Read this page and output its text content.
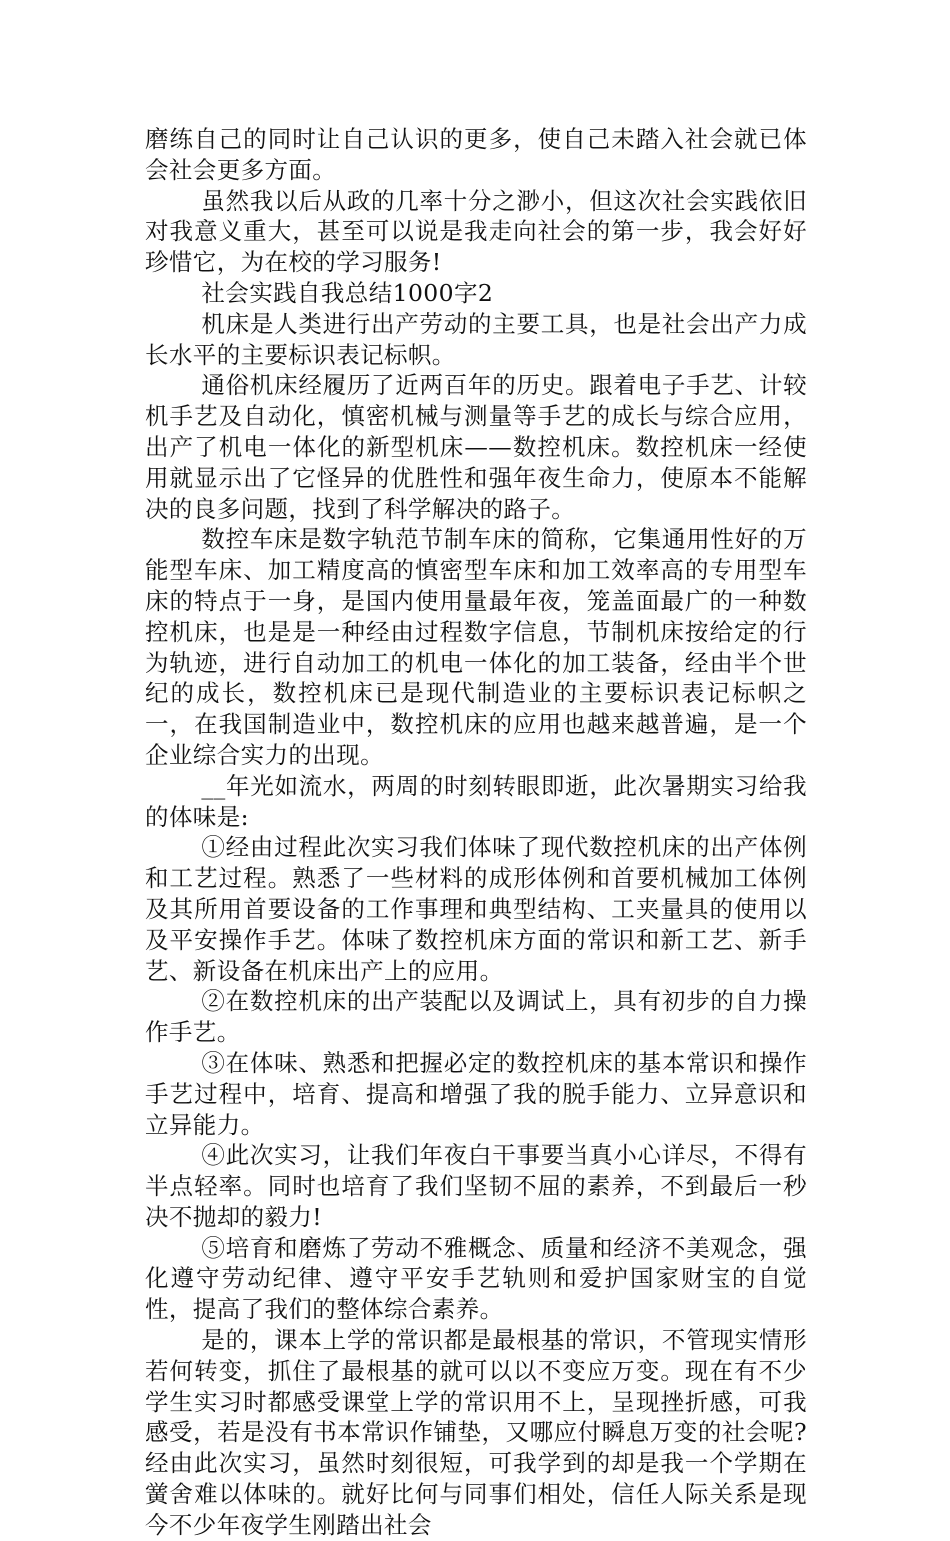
磨练自己的同时让自己认识的更多，使自己未踏入社会就已体会社会更多方面。

虽然我以后从政的几率十分之渺小，但这次社会实践依旧对我意义重大，甚至可以说是我走向社会的第一步，我会好好珍惜它，为在校的学习服务!

社会实践自我总结1000字2

机床是人类进行出产劳动的主要工具，也是社会出产力成长水平的主要标识表记标帜。

通俗机床经履历了近两百年的历史。跟着电子手艺、计较机手艺及自动化，慎密机械与测量等手艺的成长与综合应用，出产了机电一体化的新型机床——数控机床。数控机床一经使用就显示出了它怪异的优胜性和强年夜生命力，使原本不能解决的良多问题，找到了科学解决的路子。

数控车床是数字轨范节制车床的简称，它集通用性好的万能型车床、加工精度高的慎密型车床和加工效率高的专用型车床的特点于一身，是国内使用量最年夜，笼盖面最广的一种数控机床，也是是一种经由过程数字信息，节制机床按给定的行为轨迹，进行自动加工的机电一体化的加工装备，经由半个世纪的成长，数控机床已是现代制造业的主要标识表记标帜之一，在我国制造业中，数控机床的应用也越来越普遍，是一个企业综合实力的出现。

__年光如流水，两周的时刻转眼即逝，此次暑期实习给我的体味是:

①经由过程此次实习我们体味了现代数控机床的出产体例和工艺过程。熟悉了一些材料的成形体例和首要机械加工体例及其所用首要设备的工作事理和典型结构、工夹量具的使用以及平安操作手艺。体味了数控机床方面的常识和新工艺、新手艺、新设备在机床出产上的应用。

②在数控机床的出产装配以及调试上，具有初步的自力操作手艺。

③在体味、熟悉和把握必定的数控机床的基本常识和操作手艺过程中，培育、提高和增强了我的脱手能力、立异意识和立异能力。

④此次实习，让我们年夜白干事要当真小心详尽，不得有半点轻率。同时也培育了我们坚韧不屈的素养，不到最后一秒决不抛却的毅力!

⑤培育和磨炼了劳动不雅概念、质量和经济不美观念，强化遵守劳动纪律、遵守平安手艺轨则和爱护国家财宝的自觉性，提高了我们的整体综合素养。

是的，课本上学的常识都是最根基的常识，不管现实情形若何转变，抓住了最根基的就可以以不变应万变。现在有不少学生实习时都感受课堂上学的常识用不上，呈现挫折感，可我感受，若是没有书本常识作铺垫，又哪应付瞬息万变的社会呢?经由此次实习，虽然时刻很短，可我学到的却是我一个学期在黉舍难以体味的。就好比何与同事们相处，信任人际关系是现今不少年夜学生刚踏出社会
